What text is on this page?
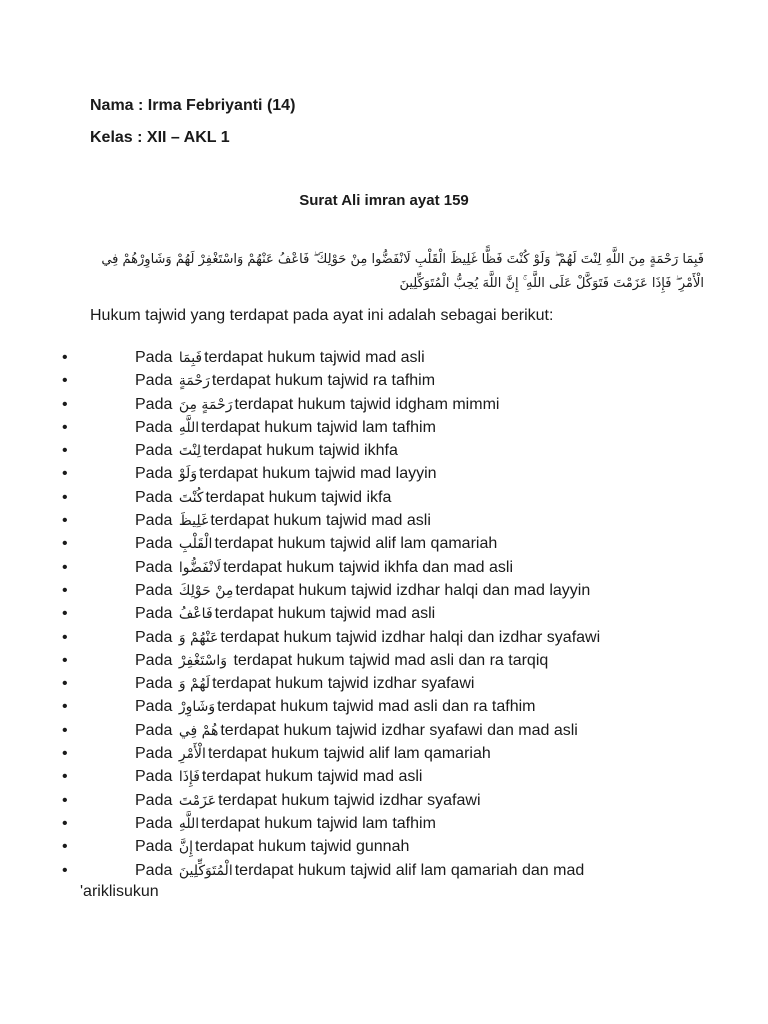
Nama : Irma Febriyanti (14)
Kelas : XII – AKL 1
Surat Ali imran ayat 159
فَبِمَا رَحْمَةٍ مِنَ اللَّهِ لِنْتَ لَهُمْ ۖ وَلَوْ كُنْتَ فَظًّا غَلِيظَ الْقَلْبِ لَانْفَضُّوا مِنْ حَوْلِكَ ۖ فَاعْفُ عَنْهُمْ وَاسْتَغْفِرْ لَهُمْ وَشَاوِرْهُمْ فِي
الْأَمْرِ ۖ فَإِذَا عَزَمْتَ فَتَوَكَّلْ عَلَى اللَّهِ ۚ إِنَّ اللَّهَ يُحِبُّ الْمُتَوَكِّلِينَ
Hukum tajwid yang terdapat pada ayat ini adalah sebagai berikut:
•	Pada فَبِمَا terdapat hukum tajwid mad asli
•	Pada رَحْمَةٍ terdapat hukum tajwid ra tafhim
•	Pada رَحْمَةٍ مِنَ terdapat hukum tajwid idgham mimmi
•	Pada اللَّهِ terdapat hukum tajwid lam tafhim
•	Pada لِنْتَ terdapat hukum tajwid ikhfa
•	Pada وَلَوْ terdapat hukum tajwid mad layyin
•	Pada كُنْتَ terdapat hukum tajwid ikfa
•	Pada غَلِيظَ terdapat hukum tajwid mad asli
•	Pada الْقَلْبِ terdapat hukum tajwid alif lam qamariah
•	Pada لَانْفَضُّوا terdapat hukum tajwid ikhfa dan mad asli
•	Pada مِنْ حَوْلِكَ terdapat hukum tajwid izdhar halqi dan mad layyin
•	Pada فَاعْفُ terdapat hukum tajwid mad asli
•	Pada عَنْهُمْ وَ terdapat hukum tajwid izdhar halqi dan izdhar syafawi
•	Pada وَاسْتَغْفِرْ terdapat hukum tajwid mad asli dan ra tarqiq
•	Pada لَهُمْ وَ terdapat hukum tajwid izdhar syafawi
•	Pada وَشَاوِرْ terdapat hukum tajwid mad asli dan ra tafhim
•	Pada هُمْ فِي terdapat hukum tajwid izdhar syafawi dan mad asli
•	Pada الْأَمْرِ terdapat hukum tajwid alif lam qamariah
•	Pada فَإِذَا terdapat hukum tajwid mad asli
•	Pada عَزَمْتَ terdapat hukum tajwid izdhar syafawi
•	Pada اللَّهِ terdapat hukum tajwid lam tafhim
•	Pada إِنَّ terdapat hukum tajwid gunnah
•	Pada الْمُتَوَكِّلِينَ terdapat hukum tajwid alif lam qamariah dan mad
'ariklisukun
